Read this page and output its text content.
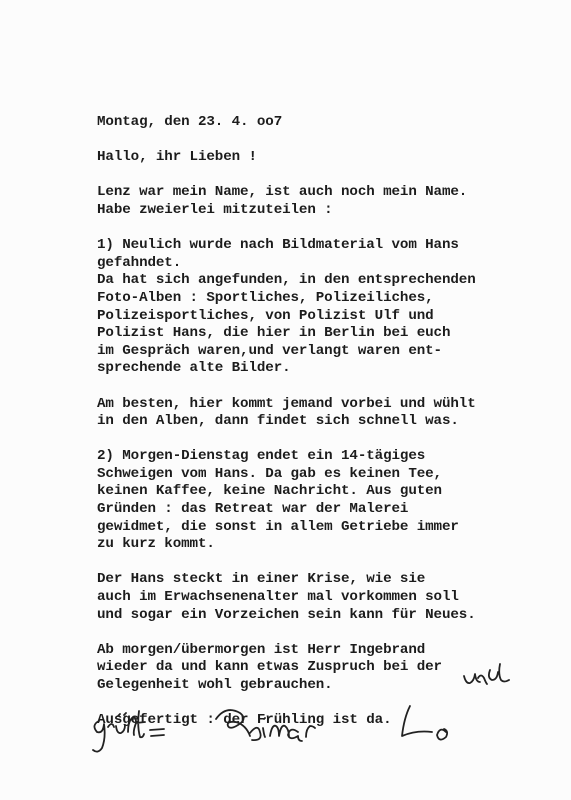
Montag, den 23. 4. oo7
Hallo, ihr Lieben !
Lenz war mein Name, ist auch noch mein Name.
Habe zweierlei mitzuteilen :
1) Neulich wurde nach Bildmaterial vom Hans
gefahndet.
Da hat sich angefunden, in den entsprechenden
Foto-Alben : Sportliches, Polizeiliches,
Polizeisportliches, von Polizist Ulf und
Polizist Hans, die hier in Berlin bei euch
im Gespräch waren,und verlangt waren ent-
sprechende alte Bilder.
Am besten, hier kommt jemand vorbei und wühlt
in den Alben, dann findet sich schnell was.
2) Morgen-Dienstag endet ein 14-tägiges
Schweigen vom Hans. Da gab es keinen Tee,
keinen Kaffee, keine Nachricht. Aus guten
Gründen : das Retreat war der Malerei
gewidmet, die sonst in allem Getriebe immer
zu kurz kommt.
Der Hans steckt in einer Krise, wie sie
auch im Erwachsenenalter mal vorkommen soll
und sogar ein Vorzeichen sein kann für Neues.
Ab morgen/übermorgen ist Herr Ingebrand
wieder da und kann etwas Zuspruch bei der
Gelegenheit wohl gebrauchen.
Ausgefertigt : der Frühling ist da.
